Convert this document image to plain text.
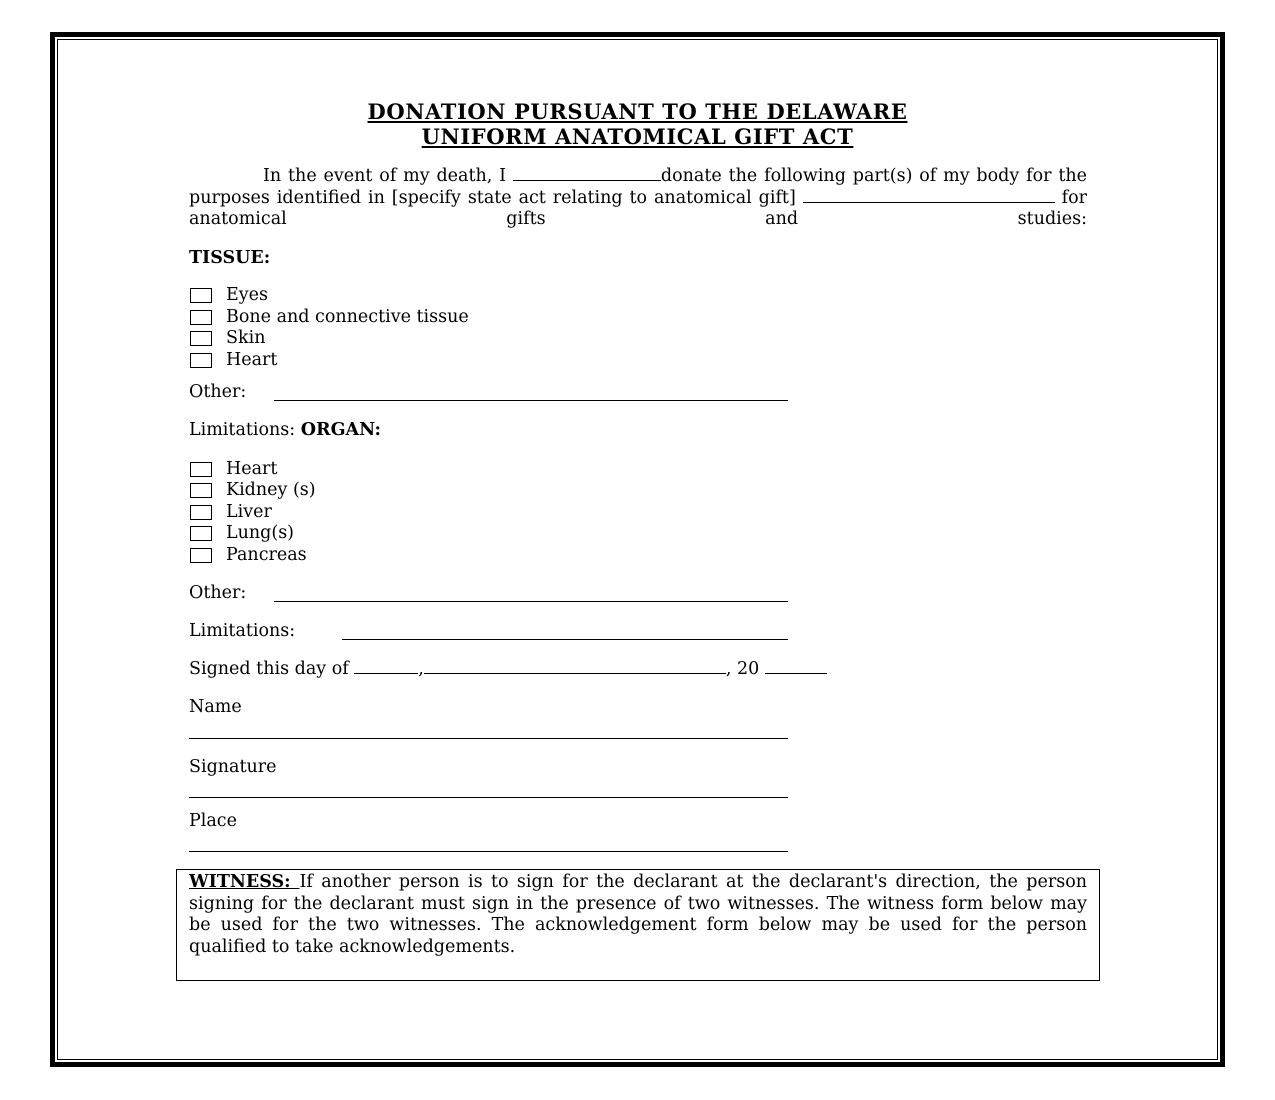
DONATION PURSUANT TO THE DELAWARE
UNIFORM ANATOMICAL GIFT ACT
In the event of my death, I	donate the following part(s) of my body for the purposes identified in [specify state act relating to anatomical gift]	for anatomical gifts and studies:
TISSUE:
Eyes
Bone and connective tissue
Skin
Heart
Other:
Limitations: ORGAN:
Heart
Kidney (s)
Liver
Lung(s)
Pancreas
Other:
Limitations:
Signed this day of	,	, 20
Name
Signature
Place
WITNESS: If another person is to sign for the declarant at the declarant's direction, the person signing for the declarant must sign in the presence of two witnesses. The witness form below may be used for the two witnesses. The acknowledgement form below may be used for the person qualified to take acknowledgements.
